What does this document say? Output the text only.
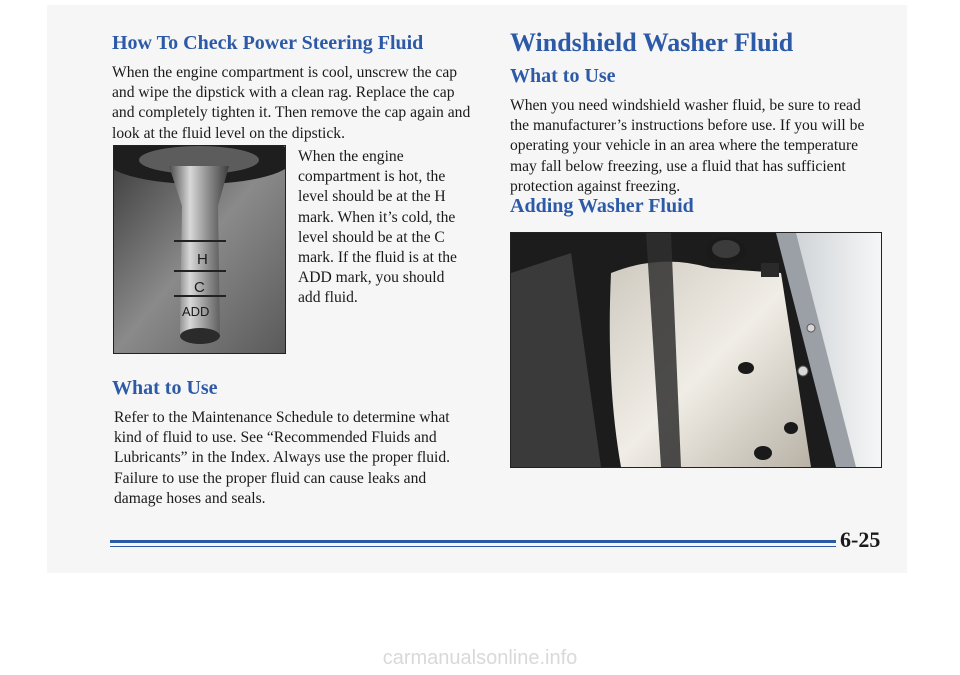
How To Check Power Steering Fluid

When the engine compartment is cool, unscrew the cap and wipe the dipstick with a clean rag. Replace the cap and completely tighten it. Then remove the cap again and look at the fluid level on the dipstick.

H
C
ADD

When the engine compartment is hot, the level should be at the H mark. When it’s cold, the level should be at the C mark. If the fluid is at the ADD mark, you should add fluid.

What to Use

Refer to the Maintenance Schedule to determine what kind of fluid to use. See “Recommended Fluids and Lubricants” in the Index. Always use the proper fluid. Failure to use the proper fluid can cause leaks and damage hoses and seals.

Windshield Washer Fluid
What to Use

When you need windshield washer fluid, be sure to read the manufacturer’s instructions before use. If you will be operating your vehicle in an area where the temperature may fall below freezing, use a fluid that has sufficient protection against freezing.

Adding Washer Fluid

6-25

carmanualsonline.info
